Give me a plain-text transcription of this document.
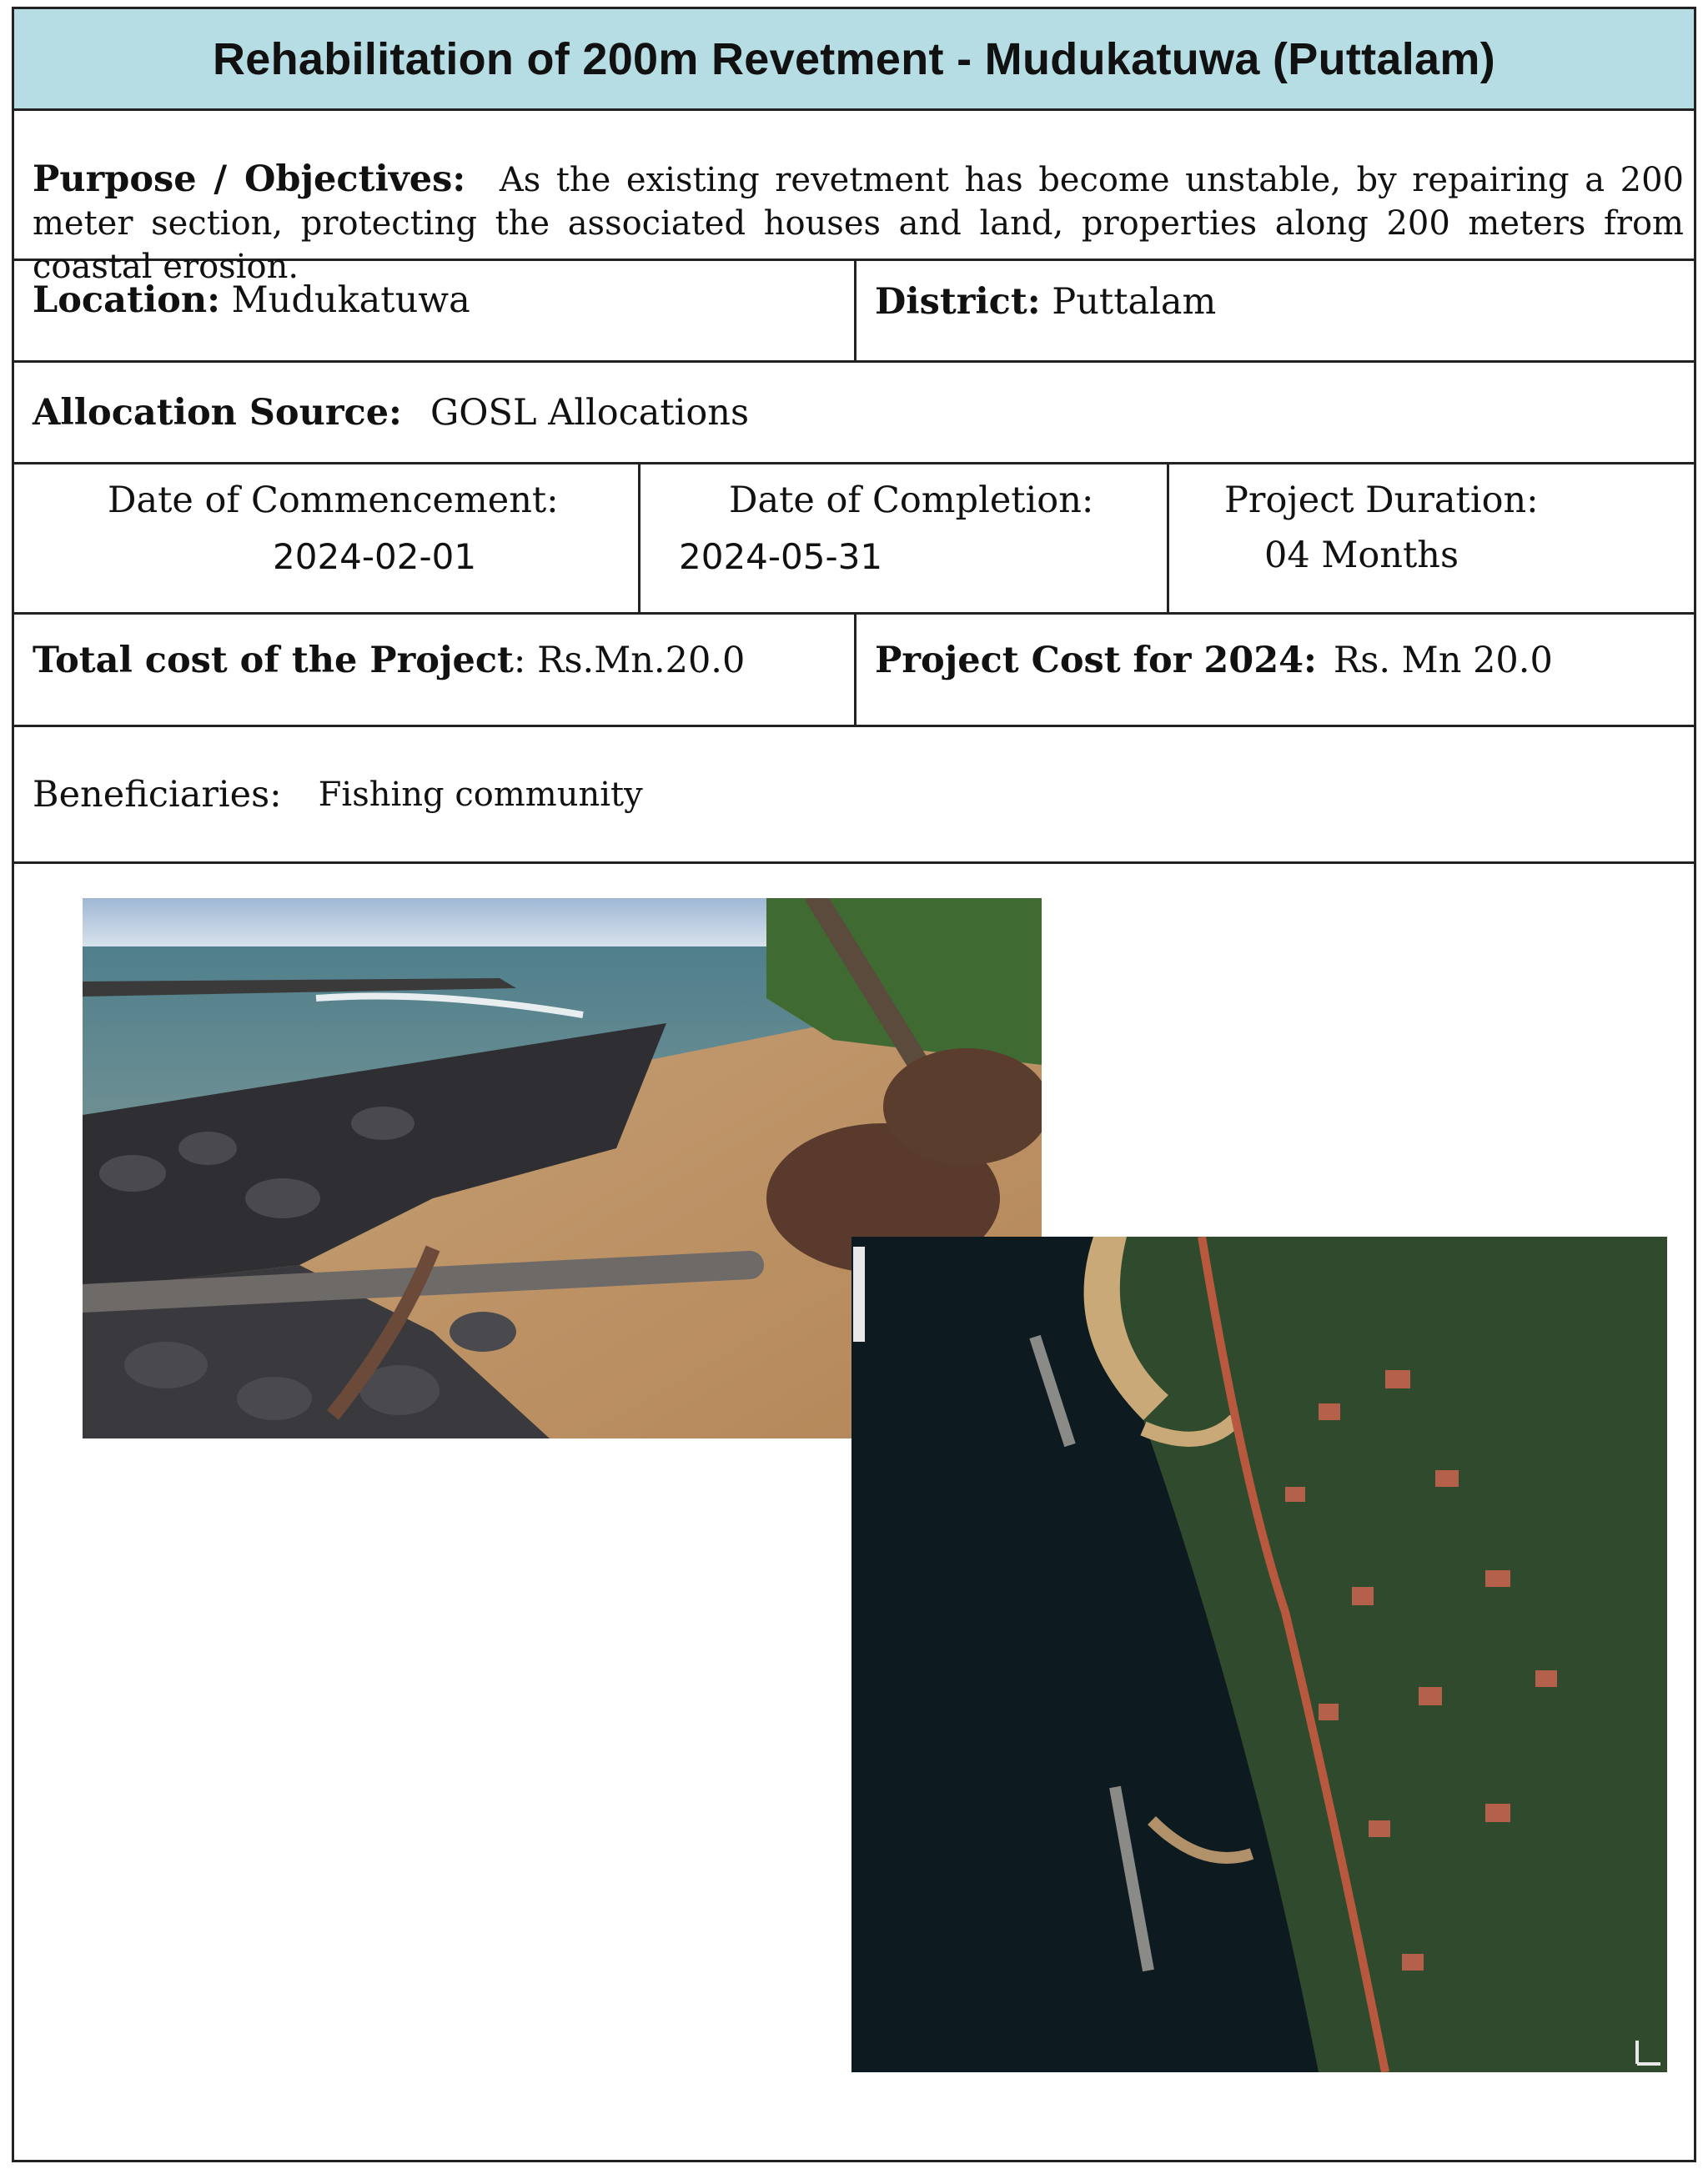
Rehabilitation of 200m Revetment - Mudukatuwa (Puttalam)
Purpose / Objectives: As the existing revetment has become unstable, by repairing a 200 meter section, protecting the associated houses and land, properties along 200 meters from coastal erosion.
Location:
Mudukatuwa	District:
Puttalam
Allocation Source: GOSL Allocations
Date of Commencement:
2024-02-01
Date of Completion:
2024-05-31
Project Duration:
04 Months
Total cost of the Project : Rs.Mn.20.0	Project Cost for 2024: Rs. Mn 20.0
Beneficiaries: Fishing community
